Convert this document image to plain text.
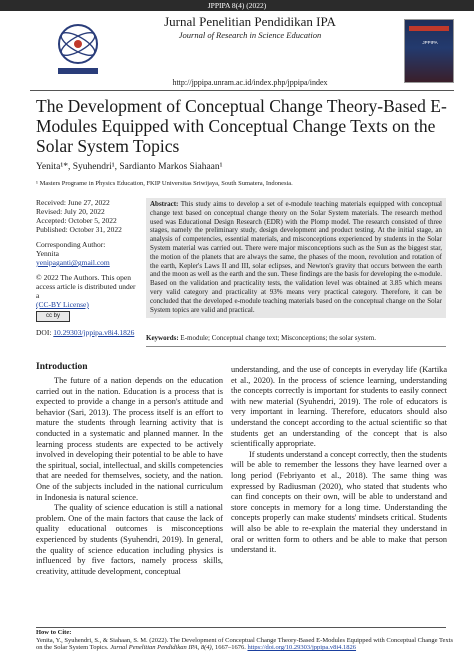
JPPIPA 8(4) (2022)
Jurnal Penelitian Pendidikan IPA
Journal of Research in Science Education
http://jppipa.unram.ac.id/index.php/jppipa/index
JPPIPA
The Development of Conceptual Change Theory-Based E-Modules Equipped with Conceptual Change Texts on the Solar System Topics
Yenita¹*, Syuhendri¹, Sardianto Markos Siahaan¹
¹ Masters Programe in Physics Education, FKIP Universitas Sriwijaya, South Sumatera, Indonesia.
Received: June 27, 2022
Revised: July 20, 2022
Accepted: October 5, 2022
Published: October 31, 2022
Corresponding Author:
Yennita
yenipaganti@gmail.com
© 2022 The Authors. This open access article is distributed under a
(CC-BY License)
cc by
DOI: 10.29303/jppipa.v8i4.1826
Abstract: This study aims to develop a set of e-module teaching materials equipped with conceptual change text based on conceptual change theory on the Solar System materials. The research method used was Educational Design Research (EDR) with the Plomp model. The research consisted of three stages, namely the preliminary study, design development and product testing. At the initial stage, an analysis of competencies, essential materials, and misconceptions experienced by students in the Solar System material was carried out. There were major misconceptions such as the Sun as the biggest star, the motion of the planets that are always the same, the phases of the moon, revolution and rotation of the earth, Kepler's Laws II and III, solar eclipses, and Newton's gravity that occurs between the earth and the moon as well as the earth and the sun. These findings are the basis for developing the e-module. Based on the validation and practicality tests, the validation level was obtained at 3.85 which means very valid category and practicality at 93% means very practical category. Therefore, it can be concluded that the developed e-module teaching materials based on the conceptual change on the Solar System topics are valid and practical.
Keywords: E-module; Conceptual change text; Misconceptions; the solar system.
Introduction

The future of a nation depends on the education carried out in the nation. Education is a process that is expected to provide a change in a person's attitude and behavior (Sari, 2013). The process itself is an effort to mature the students through learning activity that is conducted in a systematic and planned manner. In the learning process students are expected to be actively involved in developing their potential to be able to have the spiritual, social, intellectual, and skills competencies that are needed for themselves, society, and the nation. One of the subjects included in the national curriculum in Indonesia is natural science.

The quality of science education is still a national problem. One of the main factors that cause the lack of quality educational outcomes is misconceptions experienced by students (Syuhendri, 2019). In general, the quality of science education including physics is influenced by five factors, namely process skills, creativity, attitude development, conceptual

understanding, and the use of concepts in everyday life (Kartika et al., 2020). In the process of science learning, understanding the concepts correctly is important for students to easily connect with new material (Syuhendri, 2019). The role of educators is very important in learning. Therefore, educators should also understand the concept according to the actual scientific so that students get an understanding of the concept that is also scientifically appropriate.

If students understand a concept correctly, then the students will be able to remember the lessons they have learned over a long period (Febriyanto et al., 2018). The same thing was expressed by Radiusman (2020), who stated that students who can find concepts on their own, will be able to understand and store concepts in memory for a long time. Understanding the concepts properly can make students' mindsets critical. Students will also be able to re-explain the material they understand in oral or written form to others and be able to make that person understand it.

How to Cite:
Yenita, Y., Syuhendri, S., & Siahaan, S. M. (2022). The Development of Conceptual Change Theory-Based E-Modules Equipped with Conceptual Change Texts on the Solar System Topics. Jurnal Penelitian Pendidikan IPA, 8(4), 1667–1676. https://doi.org/10.29303/jppipa.v8i4.1826
